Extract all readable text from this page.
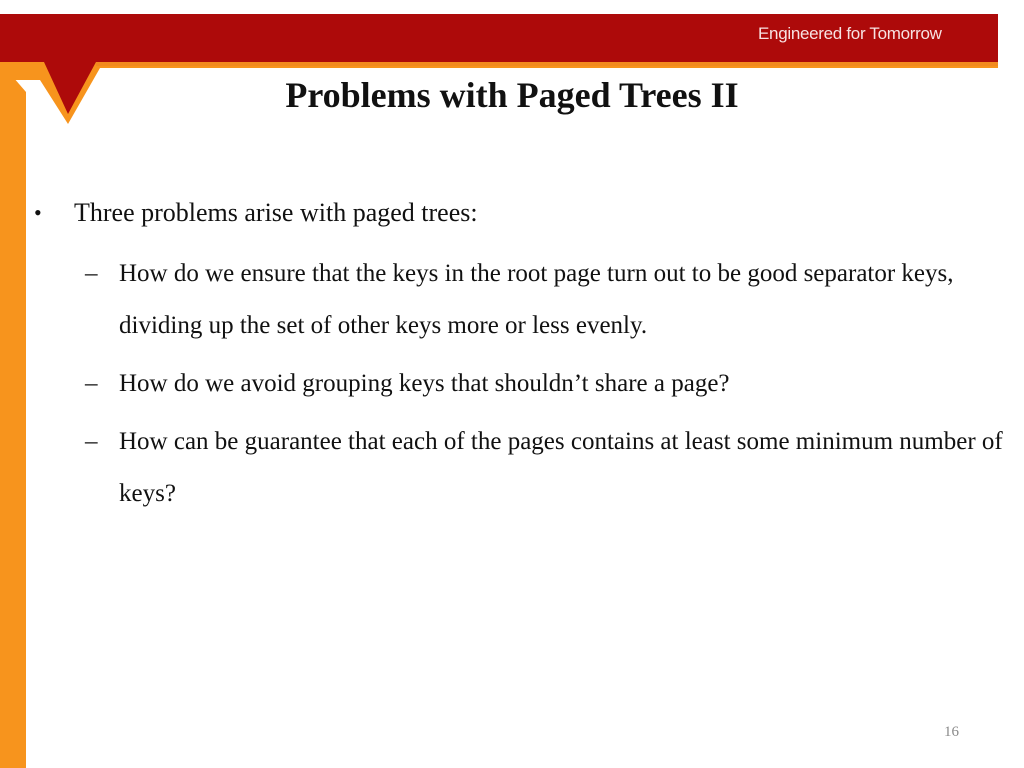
Engineered for Tomorrow
Problems with Paged Trees II
•	Three problems arise with paged trees:
– How do we ensure that the keys in the root page turn out to be good separator keys, dividing up the set of other keys more or less evenly.
– How do we avoid grouping keys that shouldn’t share a page?
– How can be guarantee that each of the pages contains at least some minimum number of keys?
16
